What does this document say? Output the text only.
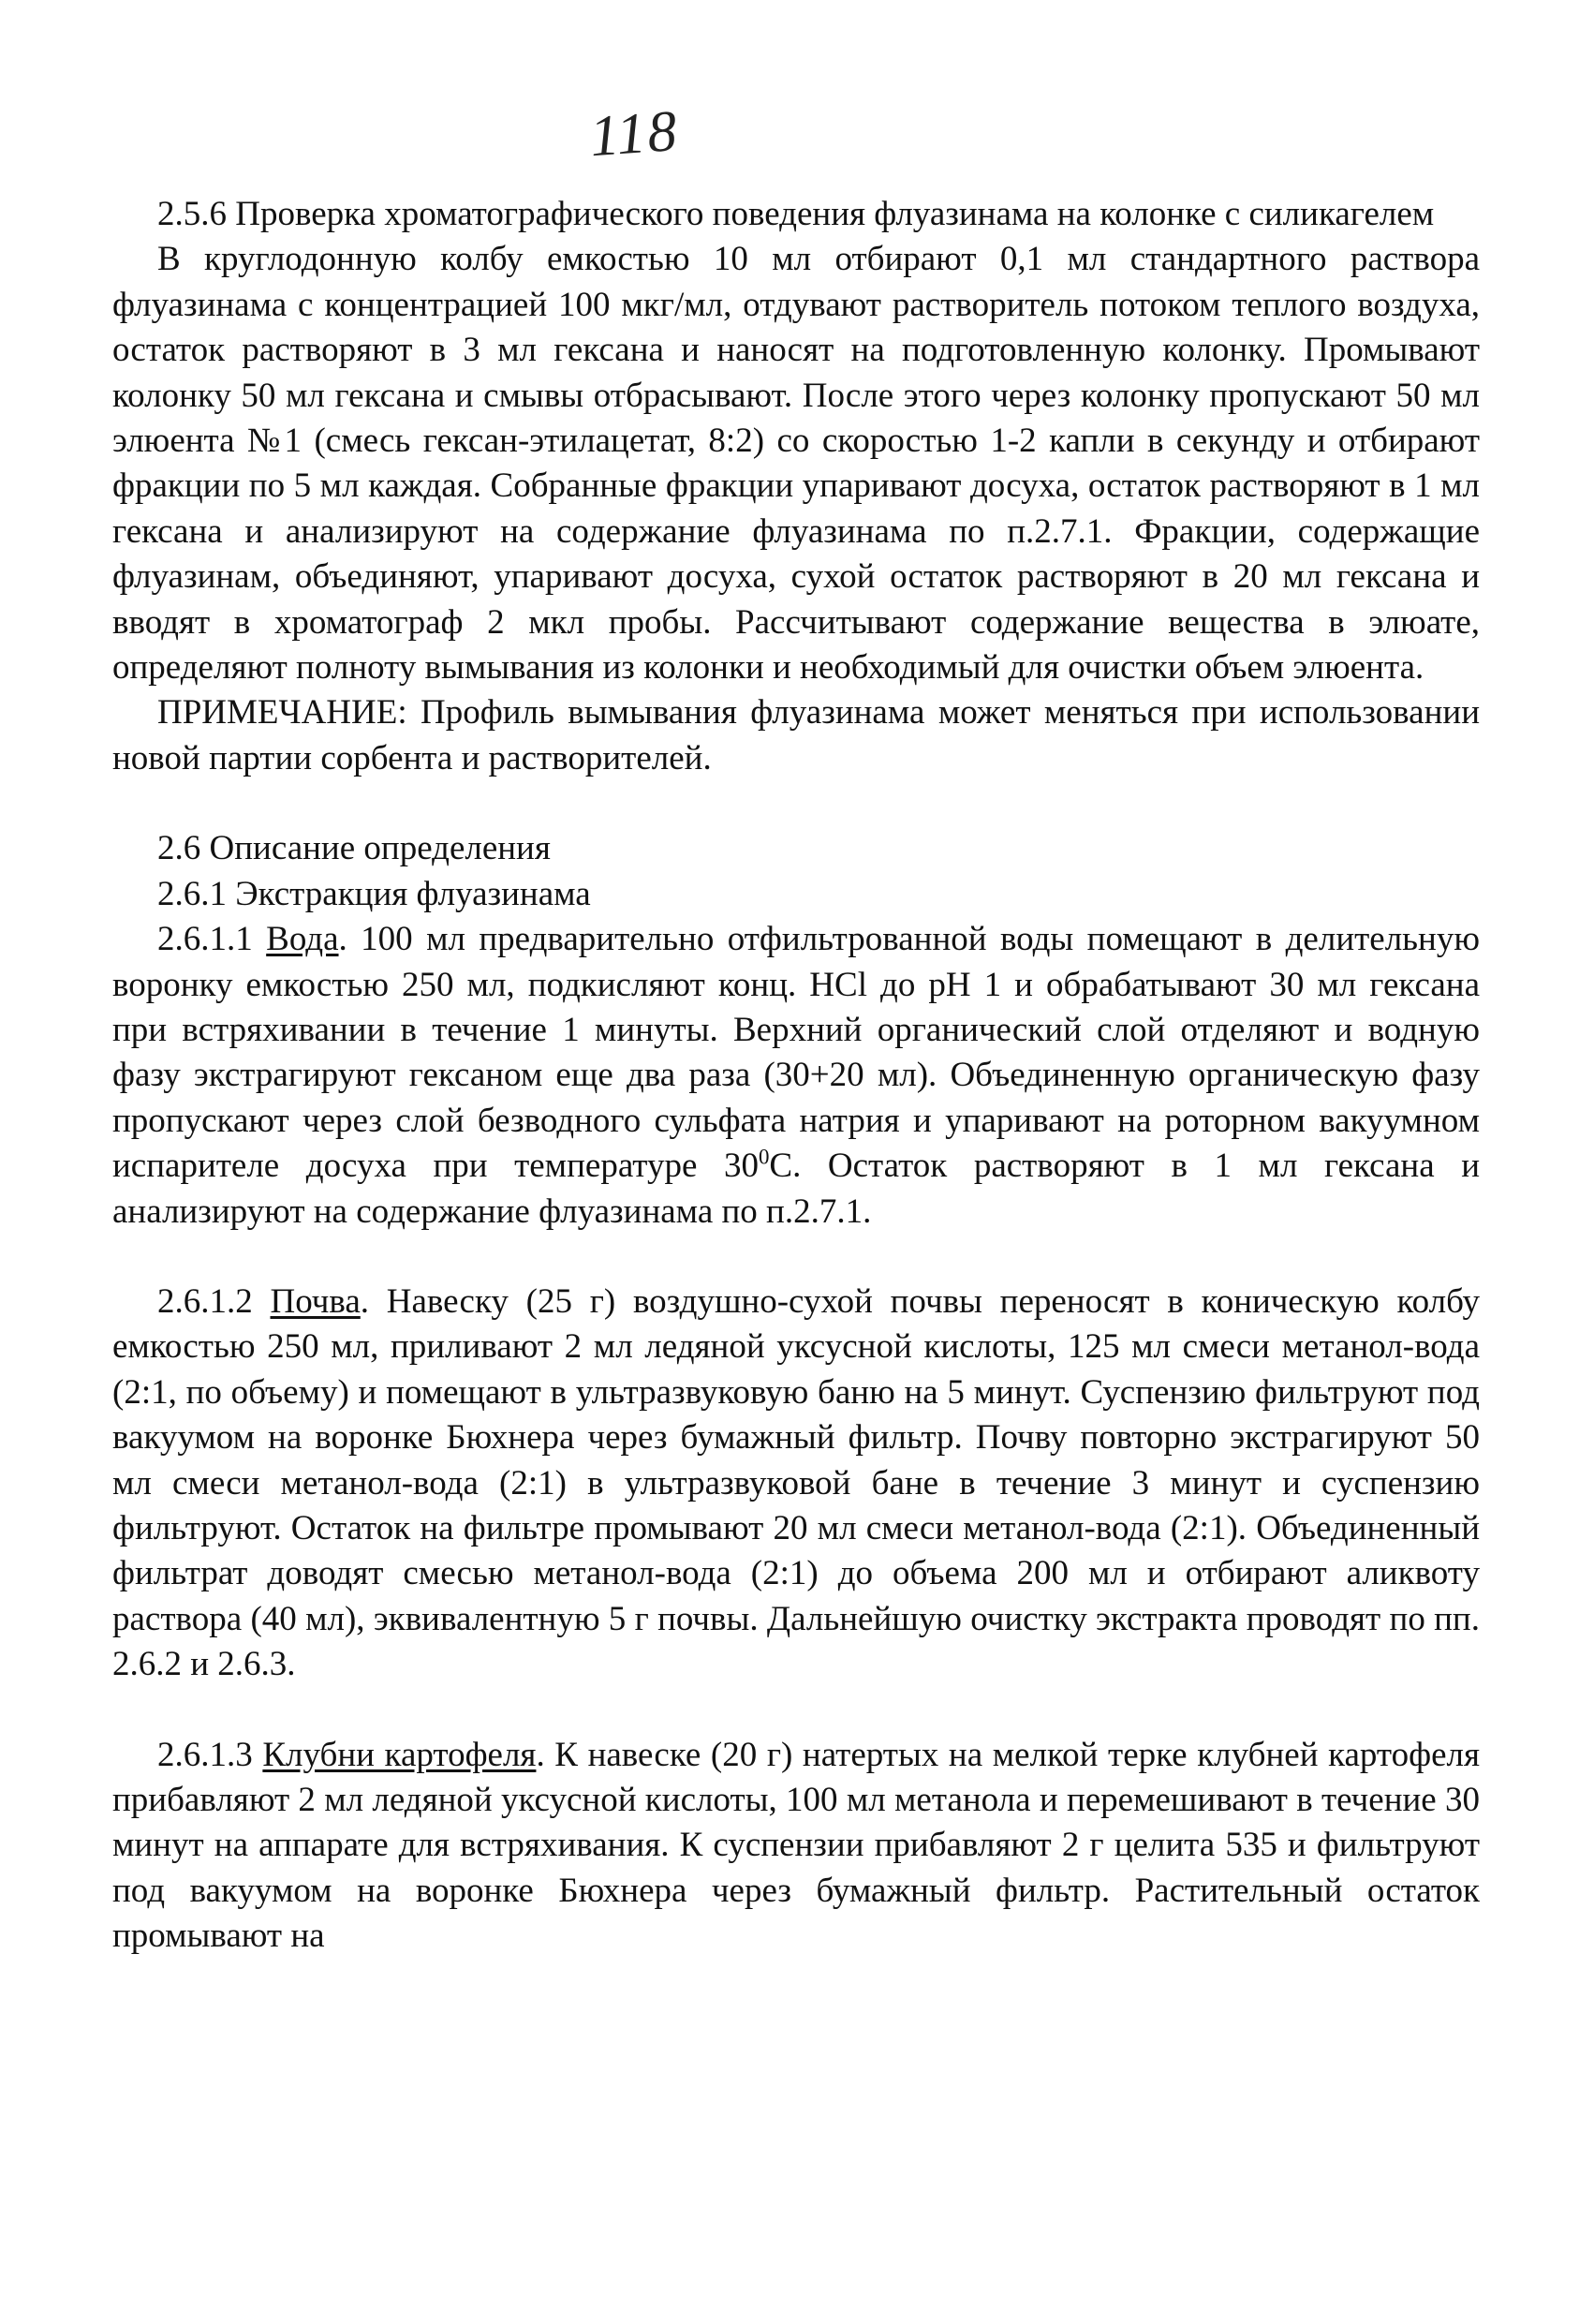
118

2.5.6 Проверка хроматографического поведения флуазинама на колонке с силикагелем

В круглодонную колбу емкостью 10 мл отбирают 0,1 мл стандартного раствора флуазинама с концентрацией 100 мкг/мл, отдувают растворитель потоком теплого воздуха, остаток растворяют в 3 мл гексана и наносят на подготовленную колонку. Промывают колонку 50 мл гексана и смывы отбрасывают. После этого через колонку пропускают 50 мл элюента №1 (смесь гексан-этилацетат, 8:2) со скоростью 1-2 капли в секунду и отбирают фракции по 5 мл каждая. Собранные фракции упаривают досуха, остаток растворяют в 1 мл гексана и анализируют на содержание флуазинама по п.2.7.1. Фракции, содержащие флуазинам, объединяют, упаривают досуха, сухой остаток растворяют в 20 мл гексана и вводят в хроматограф 2 мкл пробы. Рассчитывают содержание вещества в элюате, определяют полноту вымывания из колонки и необходимый для очистки объем элюента.

ПРИМЕЧАНИЕ: Профиль вымывания флуазинама может меняться при использовании новой партии сорбента и растворителей.

2.6 Описание определения

2.6.1 Экстракция флуазинама

2.6.1.1 Вода. 100 мл предварительно отфильтрованной воды помещают в делительную воронку емкостью 250 мл, подкисляют конц. HCl до pH 1 и обрабатывают 30 мл гексана при встряхивании в течение 1 минуты. Верхний органический слой отделяют и водную фазу экстрагируют гексаном еще два раза (30+20 мл). Объединенную органическую фазу пропускают через слой безводного сульфата натрия и упаривают на роторном вакуумном испарителе досуха при температуре $30^0С$. Остаток растворяют в 1 мл гексана и анализируют на содержание флуазинама по п.2.7.1.

2.6.1.2 Почва. Навеску (25 г) воздушно-сухой почвы переносят в коническую колбу емкостью 250 мл, приливают 2 мл ледяной уксусной кислоты, 125 мл смеси метанол-вода (2:1, по объему) и помещают в ультразвуковую баню на 5 минут. Суспензию фильтруют под вакуумом на воронке Бюхнера через бумажный фильтр. Почву повторно экстрагируют 50 мл смеси метанол-вода (2:1) в ультразвуковой бане в течение 3 минут и суспензию фильтруют. Остаток на фильтре промывают 20 мл смеси метанол-вода (2:1). Объединенный фильтрат доводят смесью метанол-вода (2:1) до объема 200 мл и отбирают аликвоту раствора (40 мл), эквивалентную 5 г почвы. Дальнейшую очистку экстракта проводят по пп. 2.6.2 и 2.6.3.

2.6.1.3 Клубни картофеля. К навеске (20 г) натертых на мелкой терке клубней картофеля прибавляют 2 мл ледяной уксусной кислоты, 100 мл метанола и перемешивают в течение 30 минут на аппарате для встряхивания. К суспензии прибавляют 2 г целита 535 и фильтруют под вакуумом на воронке Бюхнера через бумажный фильтр. Растительный остаток промывают на
